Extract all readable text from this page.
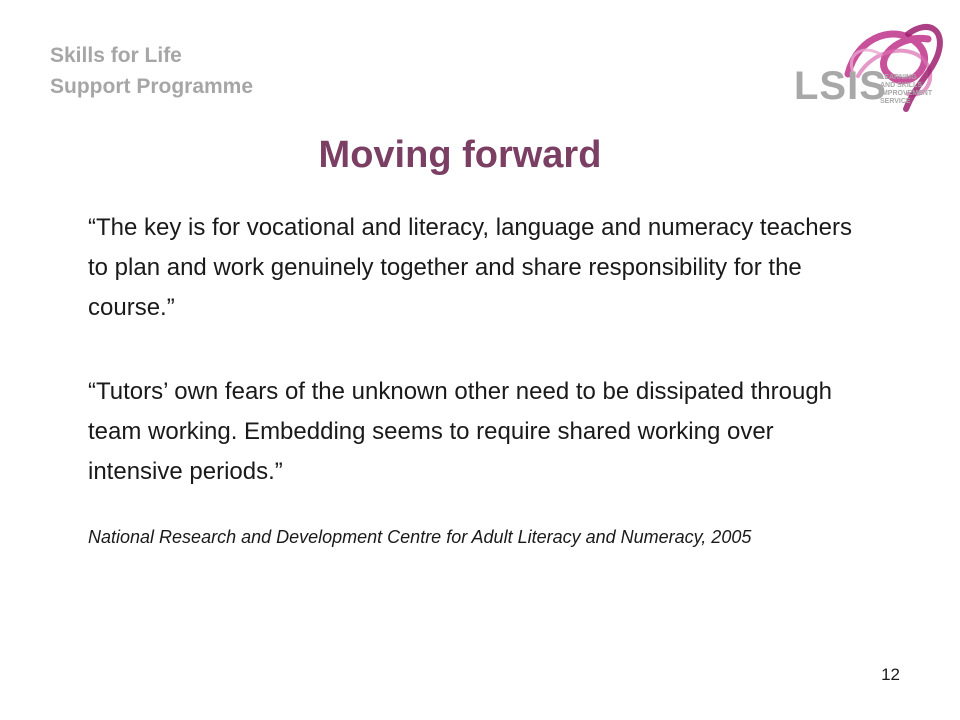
Skills for Life
Support Programme	LSIS
LEARNING
AND SKILLS
IMPROVEMENT
SERVICE
Moving forward

“The key is for vocational and literacy, language and numeracy teachers to plan and work genuinely together and share responsibility for the course.”

“Tutors’ own fears of the unknown other need to be dissipated through team working. Embedding seems to require shared working over intensive periods.”

National Research and Development Centre for Adult Literacy and Numeracy, 2005
12
